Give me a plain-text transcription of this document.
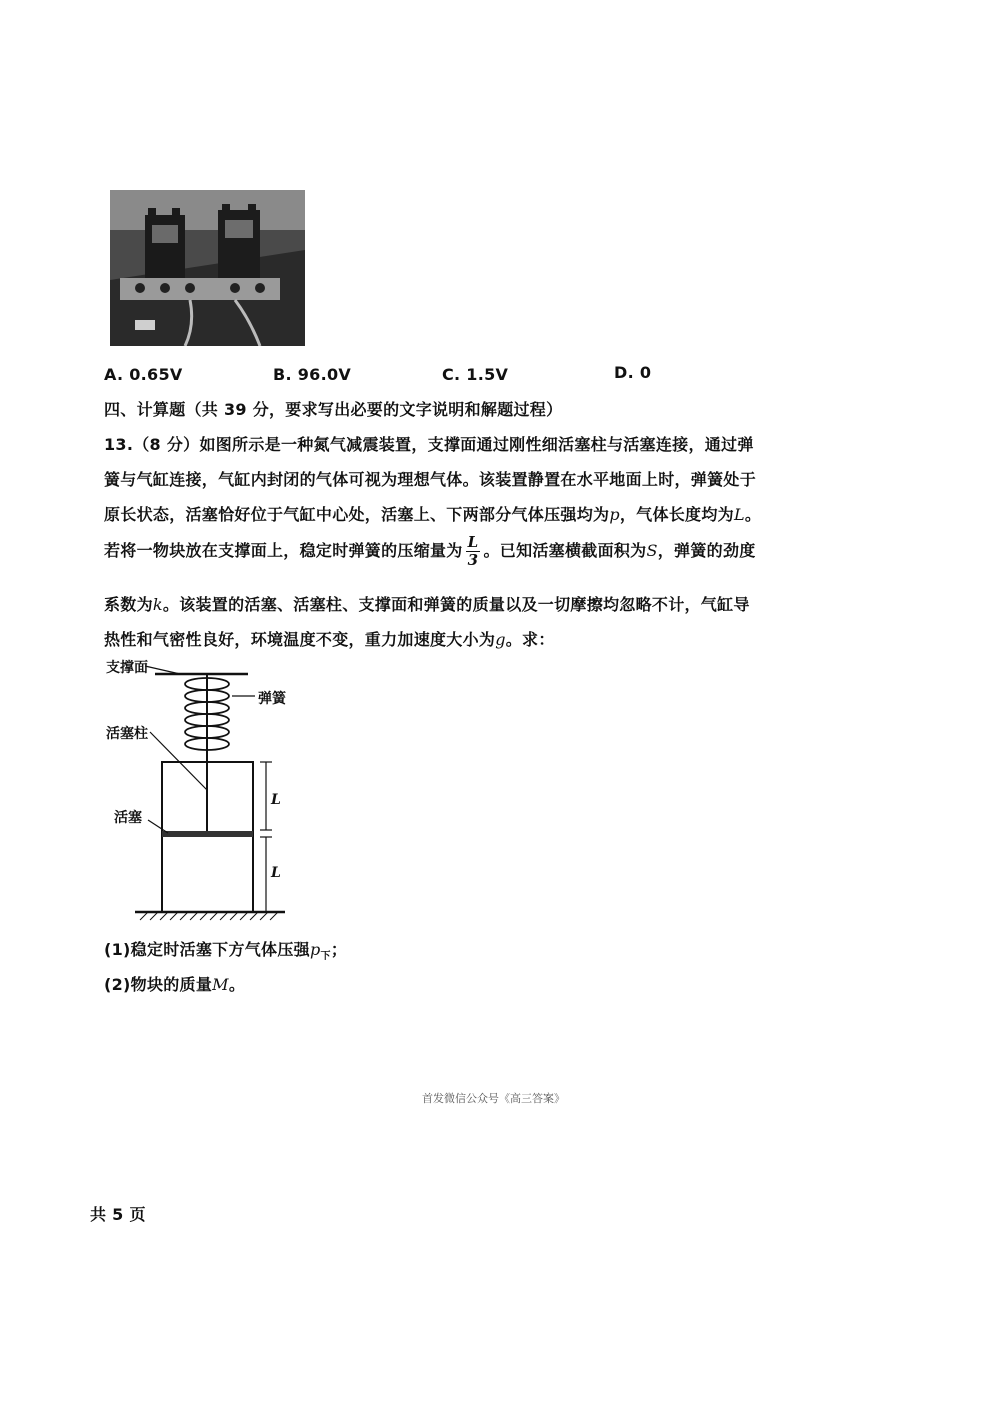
A. 0.65V	B. 96.0V	C. 1.5V	D. 0
四、计算题（共 39 分，要求写出必要的文字说明和解题过程）
13.（8 分）如图所示是一种氮气减震装置，支撑面通过刚性细活塞柱与活塞连接，通过弹
簧与气缸连接，气缸内封闭的气体可视为理想气体。该装置静置在水平地面上时，弹簧处于
原长状态，活塞恰好位于气缸中心处，活塞上、下两部分气体压强均为p，气体长度均为L。
若将一物块放在支撑面上，稳定时弹簧的压缩量为 $\frac{L}{3}$ 。已知活塞横截面积为S，弹簧的劲度
系数为k。该装置的活塞、活塞柱、支撑面和弹簧的质量以及一切摩擦均忽略不计，气缸导
热性和气密性良好，环境温度不变，重力加速度大小为g。求：
支撑面
弹簧
活塞柱
活塞
L
L
(1)稳定时活塞下方气体压强$p_下$；
(2)物块的质量M。
首发微信公众号《高三答案》
共 5 页
